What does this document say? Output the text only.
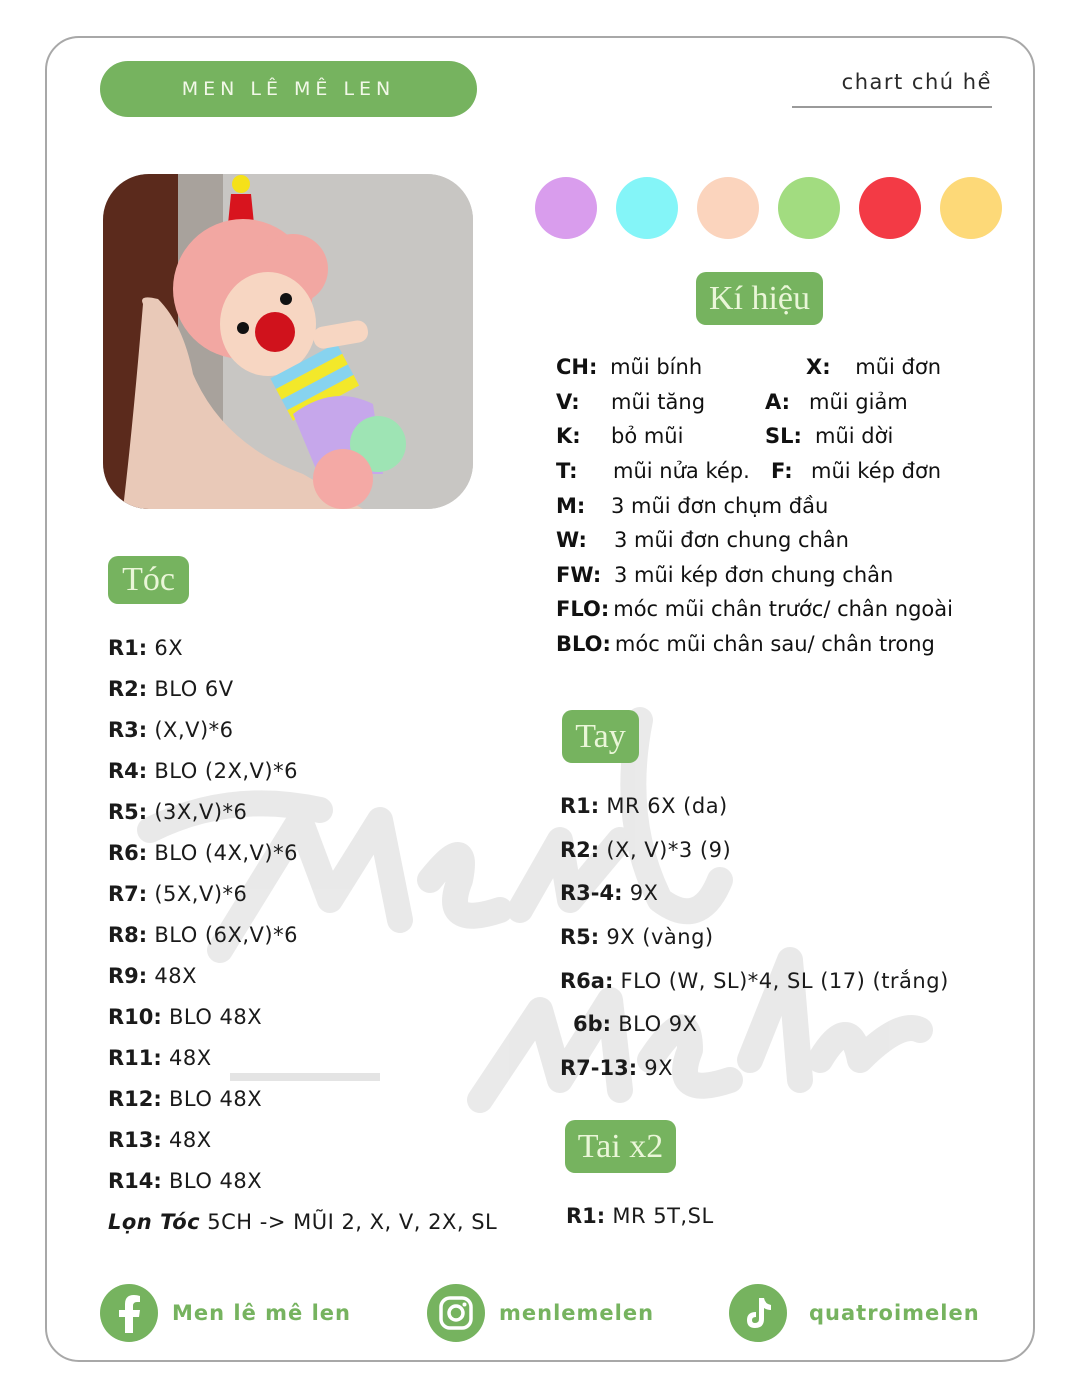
MEN LÊ MÊ LEN	chart chú hề
Kí hiệu
CH: mũi bính	X: mũi đơn
V: mũi tăng	A: mũi giảm
K: bỏ mũi	SL: mũi dời
T: mũi nửa kép. F: mũi kép đơn
M: 3 mũi đơn chụm đầu
W: 3 mũi đơn chung chân
FW: 3 mũi kép đơn chung chân
FLO: móc mũi chân trước/ chân ngoài
BLO: móc mũi chân sau/ chân trong
Tóc
R1: 6X
R2: BLO 6V
R3: (X,V)*6
R4: BLO (2X,V)*6
R5: (3X,V)*6
R6: BLO (4X,V)*6
R7: (5X,V)*6
R8: BLO (6X,V)*6
R9: 48X
R10: BLO 48X
R11: 48X
R12: BLO 48X
R13: 48X
R14: BLO 48X
Lọn Tóc 5CH -> MŨI 2, X, V, 2X, SL
Tay
R1: MR 6X (da)
R2: (X, V)*3 (9)
R3-4: 9X
R5: 9X (vàng)
R6a: FLO (W, SL)*4, SL (17) (trắng)
6b: BLO 9X
R7-13: 9X
Tai x2
R1: MR 5T,SL
Men lê mê len	menlemelen	quatroimelen
